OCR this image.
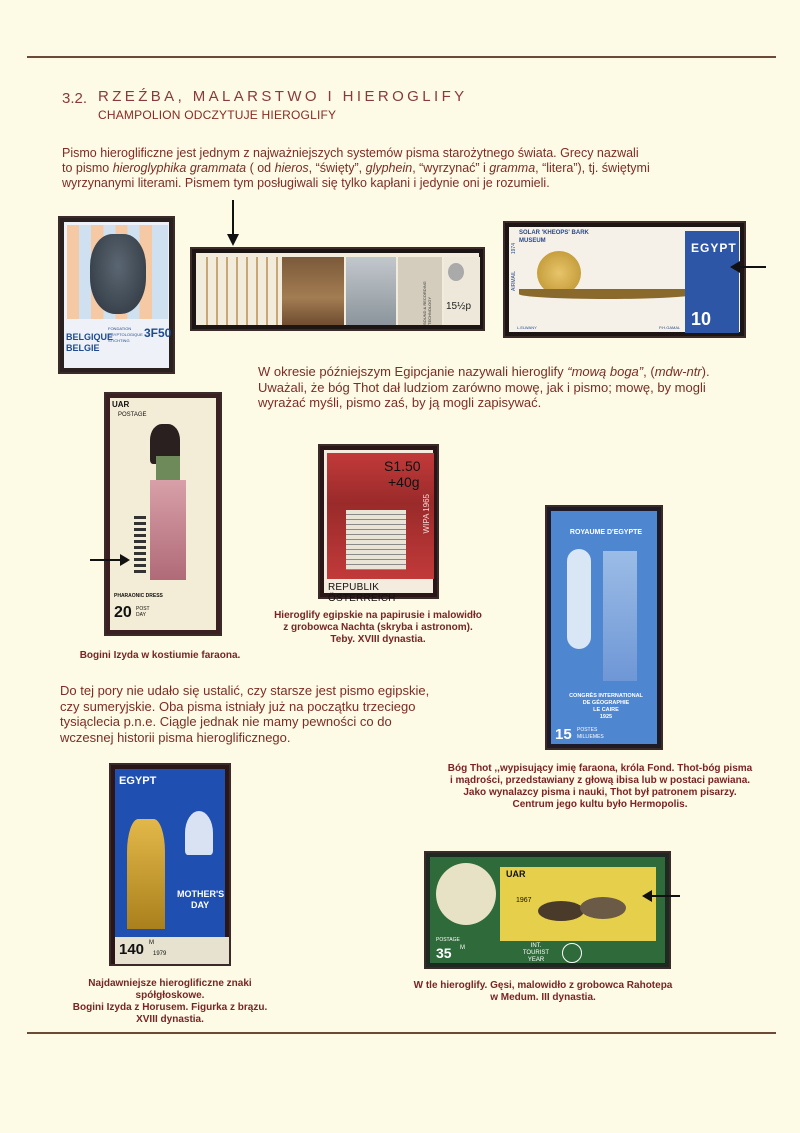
3.2. RZEŹBA, MALARSTWO I HIEROGLIFY
CHAMPOLION ODCZYTUJE HIEROGLIFY
Pismo hieroglificzne jest jednym z najważniejszych systemów pisma starożytnego świata. Grecy nazwali
to pismo hieroglyphika grammata ( od hieros, “święty”, glyphein, “wyrzynać” i gramma, “litera”), tj. świętymi
wyrzynanymi literami. Pismem tym posługiwali się tylko kapłani i jedynie oni je rozumieli.
BELGIQUE
BELGIE
FONDATION
EGYPTOLOGIQUE
STICHTING
3F50
15½p
SOUND & RECORDING TECHNOLOGY
SOLAR 'KHEOPS' BARK
MUSEUM	EGYPT
10
AIRMAIL
1974
L.ELWANY	P.H.GAMAL
W okresie późniejszym Egipcjanie nazywali hieroglify “mową boga”, (mdw-ntr).
Uważali, że bóg Thot dał ludziom zarówno mowę, jak i pismo; mowę, by mogli
wyrażać myśli, pismo zaś, by ją mogli zapisywać.
UAR
POSTAGE
PHARAONIC DRESS
20 POST DAY
Bogini Izyda w kostiumie faraona.
S1.50
+40g
WIPA 1965
REPUBLIK ÖSTERREICH
Hieroglify egipskie na papirusie i malowidło
z grobowca Nachta (skryba i astronom).
Teby. XVIII dynastia.
ROYAUME D'EGYPTE
CONGRÈS INTERNATIONAL
DE GÉOGRAPHIE
LE CAIRE
1925
15 POSTES
MILLIEMES
Bóg Thot ,,wypisujący imię faraona, króla Fond. Thot-bóg pisma
i mądrości, przedstawiany z głową ibisa lub w postaci pawiana.
Jako wynalazcy pisma i nauki, Thot był patronem pisarzy.
Centrum jego kultu było Hermopolis.
Do tej pory nie udało się ustalić, czy starsze jest pismo egipskie,
czy sumeryjskie. Oba pisma istniały już na początku trzeciego
tysiąclecia p.n.e. Ciągle jednak nie mamy pewności co do
wczesnej historii pisma hieroglificznego.
EGYPT
MOTHER'S
DAY
140 M
1979
Najdawniejsze hieroglificzne znaki spółgłoskowe.
Bogini Izyda z Horusem. Figurka z brązu.
XVIII dynastia.
UAR
1967
POSTAGE
35 M	INT.
TOURIST
YEAR
W tle hieroglify. Gęsi, malowidło z grobowca Rahotepa
w Medum. III dynastia.
